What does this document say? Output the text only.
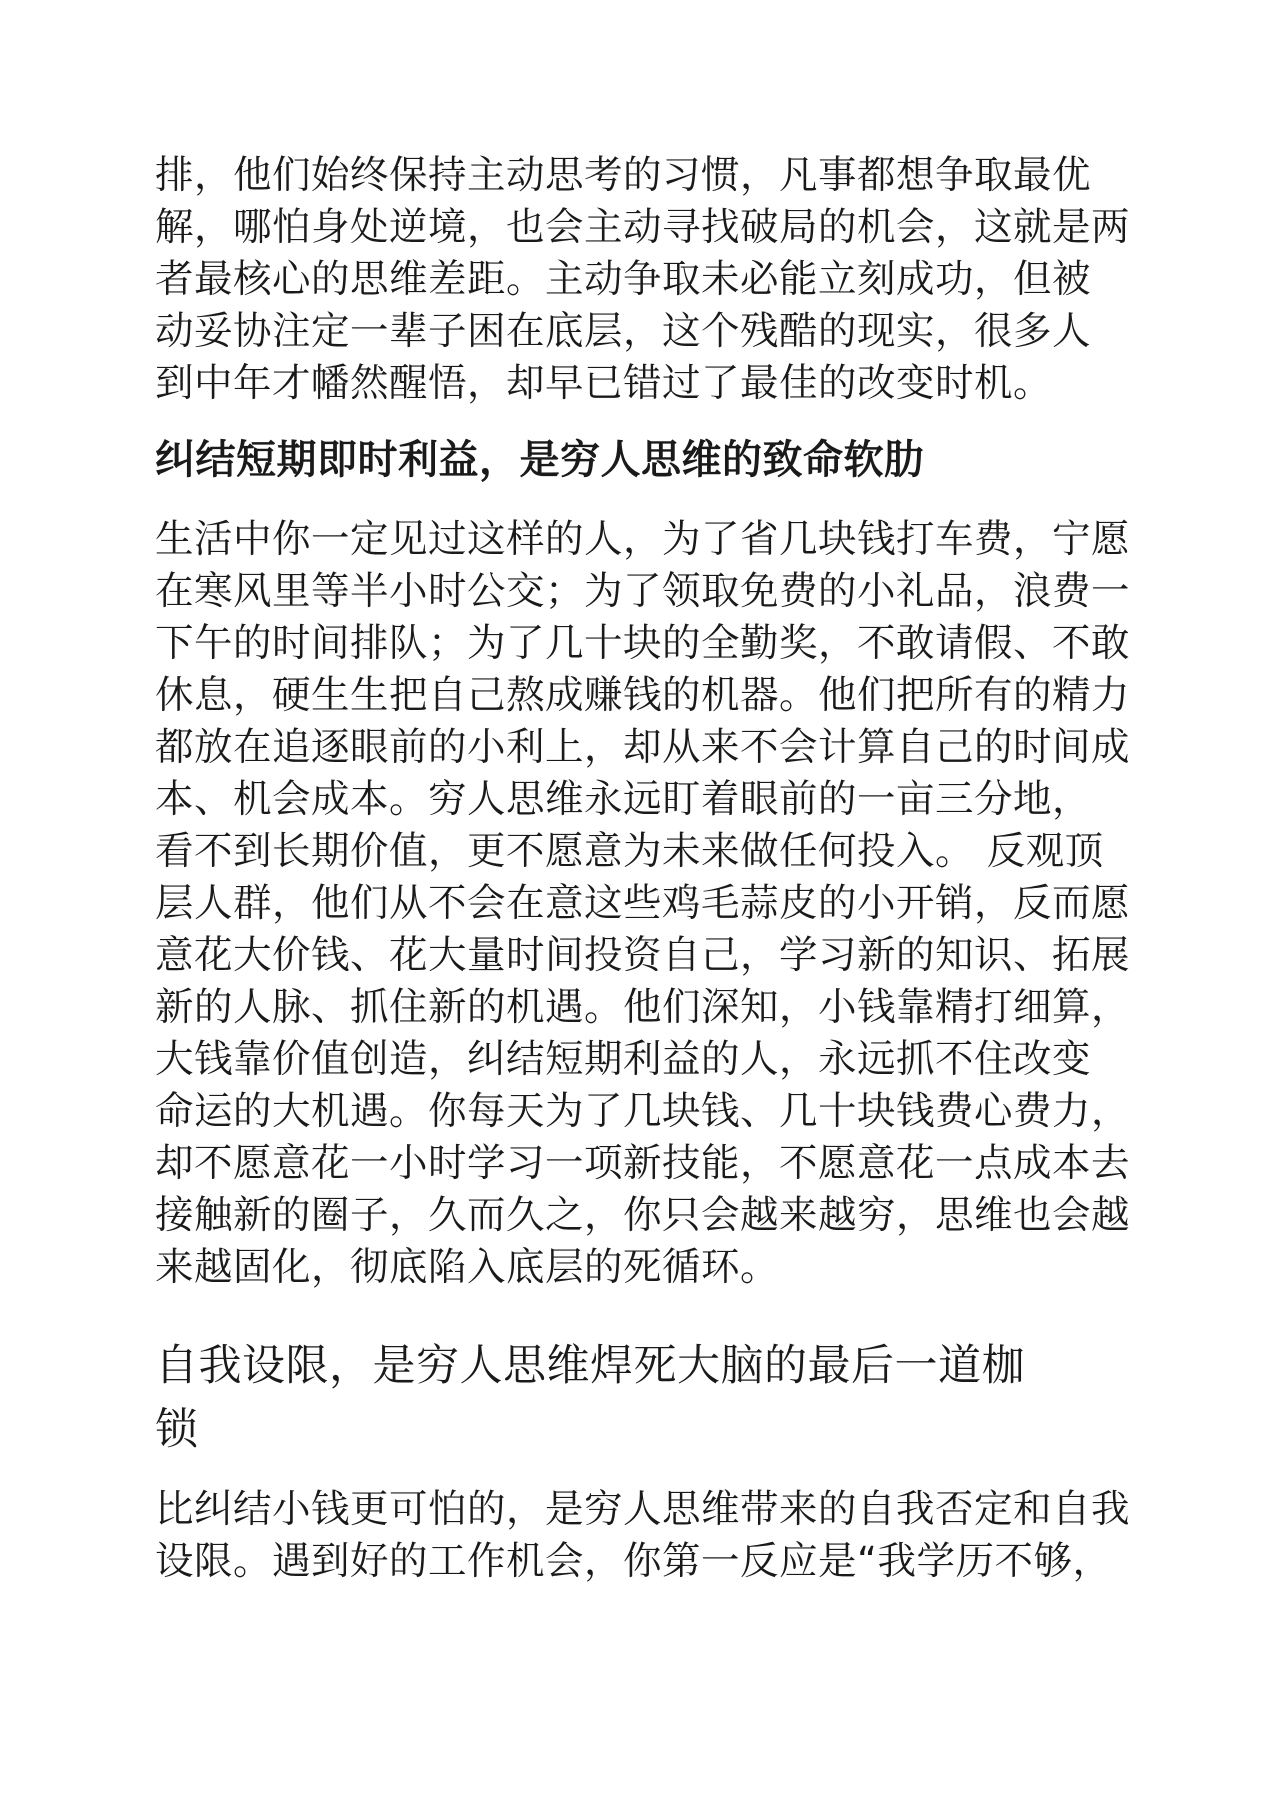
排，他们始终保持主动思考的习惯，凡事都想争取最优
解，哪怕身处逆境，也会主动寻找破局的机会，这就是两
者最核心的思维差距。主动争取未必能立刻成功，但被
动妥协注定一辈子困在底层，这个残酷的现实，很多人
到中年才幡然醒悟，却早已错过了最佳的改变时机。
纠结短期即时利益，是穷人思维的致命软肋
生活中你一定见过这样的人，为了省几块钱打车费，宁愿
在寒风里等半小时公交；为了领取免费的小礼品，浪费一
下午的时间排队；为了几十块的全勤奖，不敢请假、不敢
休息，硬生生把自己熬成赚钱的机器。他们把所有的精力
都放在追逐眼前的小利上，却从来不会计算自己的时间成
本、机会成本。穷人思维永远盯着眼前的一亩三分地，
看不到长期价值，更不愿意为未来做任何投入。 反观顶
层人群，他们从不会在意这些鸡毛蒜皮的小开销，反而愿
意花大价钱、花大量时间投资自己，学习新的知识、拓展
新的人脉、抓住新的机遇。他们深知，小钱靠精打细算，
大钱靠价值创造，纠结短期利益的人，永远抓不住改变
命运的大机遇。你每天为了几块钱、几十块钱费心费力，
却不愿意花一小时学习一项新技能，不愿意花一点成本去
接触新的圈子，久而久之，你只会越来越穷，思维也会越
来越固化，彻底陷入底层的死循环。
自我设限，是穷人思维焊死大脑的最后一道枷
锁
比纠结小钱更可怕的，是穷人思维带来的自我否定和自我
设限。遇到好的工作机会，你第一反应是“我学历不够，
